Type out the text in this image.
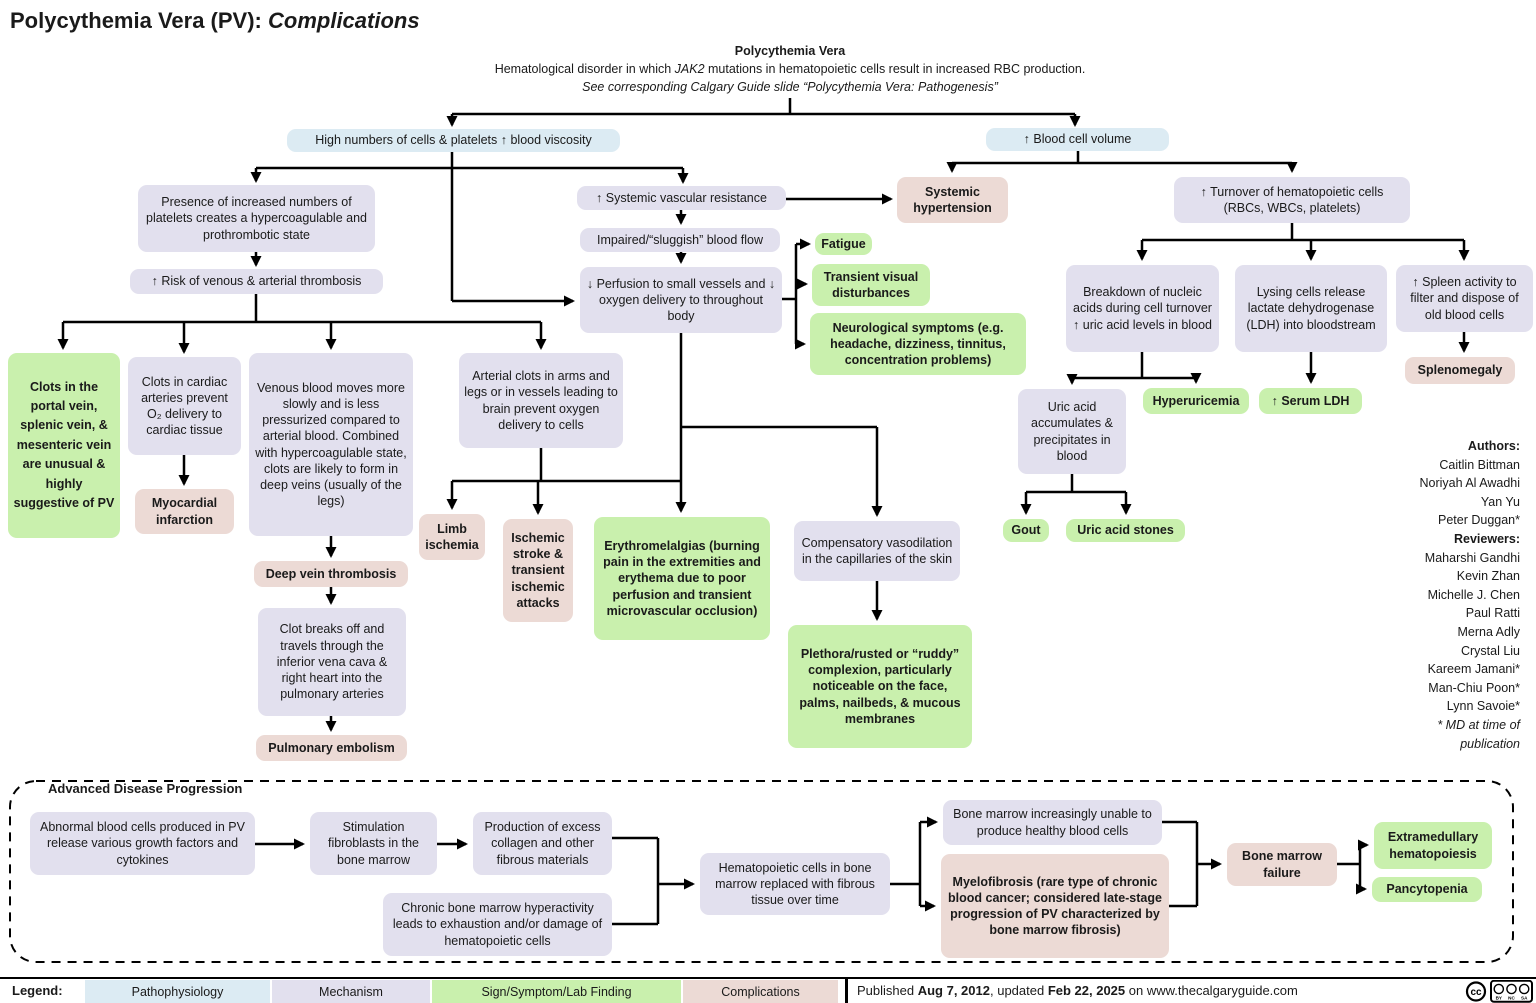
Polycythemia Vera (PV): Complications
Polycythemia Vera
Hematological disorder in which JAK2 mutations in hematopoietic cells result in increased RBC production.
See corresponding Calgary Guide slide “Polycythemia Vera: Pathogenesis”
High numbers of cells & platelets ↑ blood viscosity	↑ Blood cell volume
Presence of increased numbers of platelets creates a hypercoagulable and prothrombotic state
↑ Risk of venous & arterial thrombosis
Clots in the portal vein, splenic vein, & mesenteric vein are unusual & highly suggestive of PV
Clots in cardiac arteries prevent O₂ delivery to cardiac tissue
Myocardial infarction
Venous blood moves more slowly and is less pressurized compared to arterial blood. Combined with hypercoagulable state, clots are likely to form in deep veins (usually of the legs)
Arterial clots in arms and legs or in vessels leading to brain prevent oxygen delivery to cells
Limb ischemia
Ischemic stroke & transient ischemic attacks
Erythromelalgias (burning pain in the extremities and erythema due to poor perfusion and transient microvascular occlusion)
Deep vein thrombosis
Clot breaks off and travels through the inferior vena cava & right heart into the pulmonary arteries
Pulmonary embolism
↑ Systemic vascular resistance
Impaired/“sluggish” blood flow
↓ Perfusion to small vessels and ↓ oxygen delivery to throughout body
Fatigue
Transient visual disturbances
Neurological symptoms (e.g. headache, dizziness, tinnitus, concentration problems)
Systemic hypertension
Compensatory vasodilation in the capillaries of the skin
Plethora/rusted or “ruddy” complexion, particularly noticeable on the face, palms, nailbeds, & mucous membranes
↑ Turnover of hematopoietic cells (RBCs, WBCs, platelets)
Breakdown of nucleic acids during cell turnover ↑ uric acid levels in blood
Lysing cells release lactate dehydrogenase (LDH) into bloodstream
↑ Spleen activity to filter and dispose of old blood cells
Splenomegaly
Uric acid accumulates & precipitates in blood
Hyperuricemia	↑ Serum LDH
Gout	Uric acid stones
Authors:
Caitlin Bittman
Noriyah Al Awadhi
Yan Yu
Peter Duggan*
Reviewers:
Maharshi Gandhi
Kevin Zhan
Michelle J. Chen
Paul Ratti
Merna Adly
Crystal Liu
Kareem Jamani*
Man-Chiu Poon*
Lynn Savoie*
* MD at time of
publication
Advanced Disease Progression
Abnormal blood cells produced in PV release various growth factors and cytokines
Stimulation fibroblasts in the bone marrow
Production of excess collagen and other fibrous materials
Chronic bone marrow hyperactivity leads to exhaustion and/or damage of hematopoietic cells
Hematopoietic cells in bone marrow replaced with fibrous tissue over time
Bone marrow increasingly unable to produce healthy blood cells
Myelofibrosis (rare type of chronic blood cancer; considered late-stage progression of PV characterized by bone marrow fibrosis)
Bone marrow failure
Extramedullary hematopoiesis
Pancytopenia
Legend:	Pathophysiology	Mechanism	Sign/Symptom/Lab Finding	Complications	Published Aug 7, 2012, updated Feb 22, 2025 on www.thecalgaryguide.com	cc
BY NC SA
